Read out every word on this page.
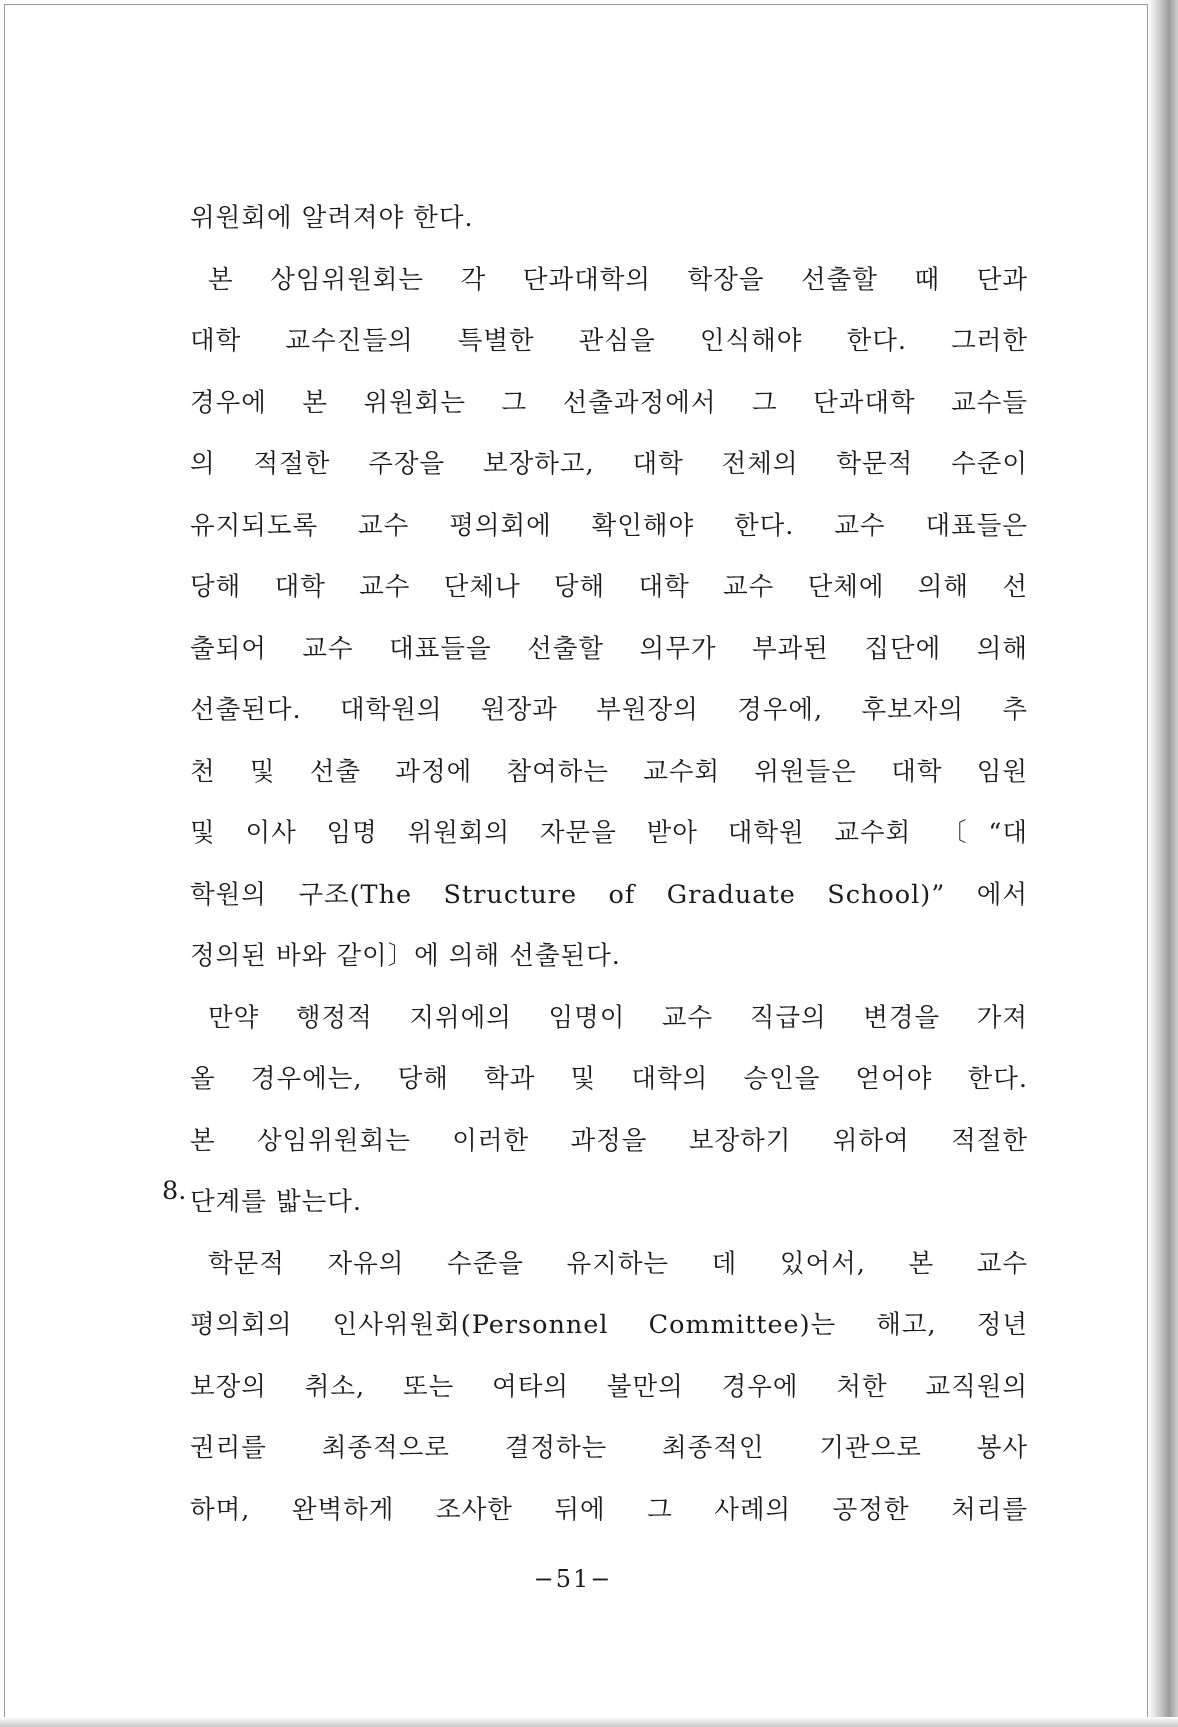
위원회에 알려져야 한다.
본 상임위원회는 각 단과대학의 학장을 선출할 때 단과
대학 교수진들의 특별한 관심을 인식해야 한다. 그러한
경우에 본 위원회는 그 선출과정에서 그 단과대학 교수들
의 적절한 주장을 보장하고, 대학 전체의 학문적 수준이
유지되도록 교수 평의회에 확인해야 한다. 교수 대표들은
당해 대학 교수 단체나 당해 대학 교수 단체에 의해 선
출되어 교수 대표들을 선출할 의무가 부과된 집단에 의해
선출된다. 대학원의 원장과 부원장의 경우에, 후보자의 추
천 및 선출 과정에 참여하는 교수회 위원들은 대학 임원
및 이사 임명 위원회의 자문을 받아 대학원 교수회 〔“대
학원의 구조(The Structure of Graduate School)” 에서
정의된 바와 같이〕에 의해 선출된다.
만약 행정적 지위에의 임명이 교수 직급의 변경을 가져
올 경우에는, 당해 학과 및 대학의 승인을 얻어야 한다.
본 상임위원회는 이러한 과정을 보장하기 위하여 적절한
단계를 밟는다.
학문적 자유의 수준을 유지하는 데 있어서, 본 교수
평의회의 인사위원회(Personnel Committee)는 해고, 정년
보장의 취소, 또는 여타의 불만의 경우에 처한 교직원의
권리를 최종적으로 결정하는 최종적인 기관으로 봉사
하며, 완벽하게 조사한 뒤에 그 사례의 공정한 처리를
8.
−51−
